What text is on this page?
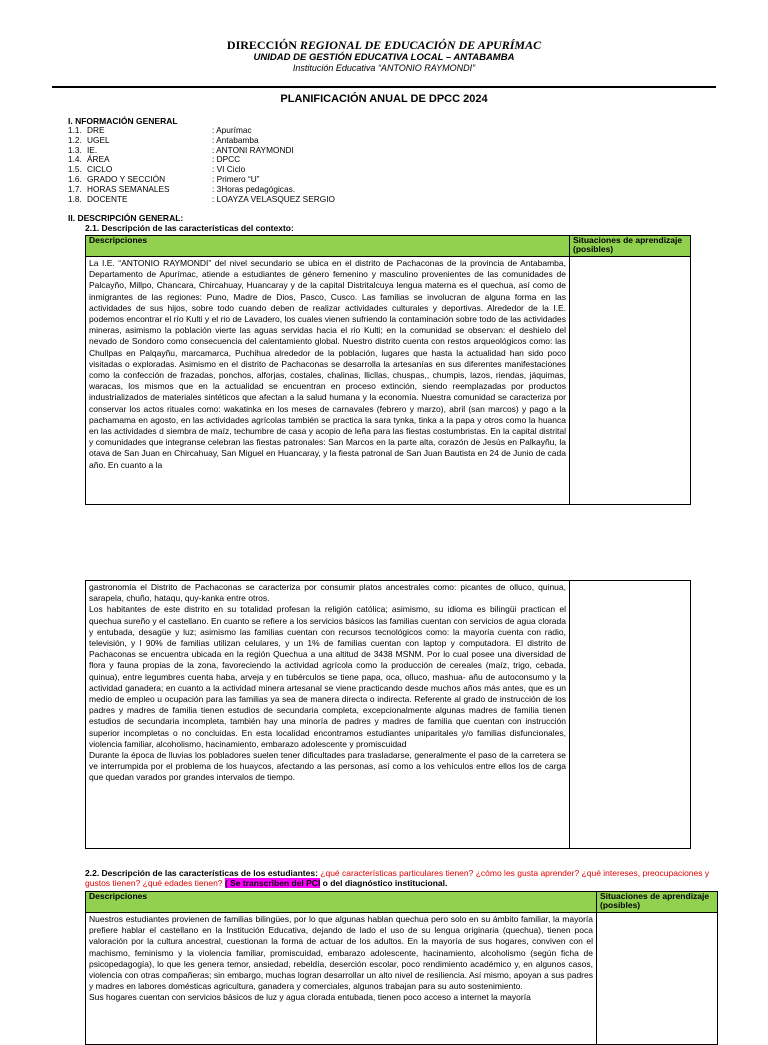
DIRECCIÓN REGIONAL DE EDUCACIÓN DE APURÍMAC
UNIDAD DE GESTIÓN EDUCATIVA LOCAL – ANTABAMBA
Institución Educativa “ANTONIO RAYMONDI”
PLANIFICACIÓN ANUAL DE DPCC 2024
I. NFORMACIÓN GENERAL
1.1. DRE	: Apurímac
1.2. UGEL	: Antabamba
1.3. IE.	: ANTONI RAYMONDI
1.4. ÁREA	: DPCC
1.5. CICLO	: VI Ciclo
1.6. GRADO Y SECCIÓN	: Primero “U”
1.7. HORAS SEMANALES	: 3Horas pedagógicas.
1.8. DOCENTE	: LOAYZA VELASQUEZ SERGIO
II. DESCRIPCIÓN GENERAL:
2.1. Descripción de las características del contexto:
Descripciones	Situaciones de aprendizaje (posibles)
La I.E. “ANTONIO RAYMONDI” del nivel secundario se ubica en el distrito de Pachaconas de la provincia de Antabamba, Departamento de Apurímac, atiende a estudiantes de género femenino y masculino provenientes de las comunidades de Palcayño, Millpo, Chancara, Chircahuay, Huancaray y de la capital Distritalcuya lengua materna es el quechua, así como de inmigrantes de las regiones: Puno, Madre de Dios, Pasco, Cusco. Las familias se involucran de alguna forma en las actividades de sus hijos, sobre todo cuando deben de realizar actividades culturales y deportivas. Alrededor de la I.E. podemos encontrar el río Kulti y el rio de Lavadero, los cuales vienen sufriendo la contaminación sobre todo de las actividades mineras, asimismo la población vierte las aguas servidas hacia el rio Kulti; en la comunidad se observan: el deshielo del nevado de Sondoro como consecuencia del calentamiento global. Nuestro distrito cuenta con restos arqueológicos como: las Chullpas en Palqayñu, marcamarca, Puchihua alrededor de la población, lugares que hasta la actualidad han sido poco visitadas o exploradas. Asimismo en el distrito de Pachaconas se desarrolla la artesanías en sus diferentes manifestaciones como la confección de frazadas, ponchos, alforjas, costales, chalinas, llicllas, chuspas,, chumpis, lazos, riendas, jáquimas, waracas, los mismos que en la actualidad se encuentran en proceso extinción, siendo reemplazadas por productos industrializados de materiales sintéticos que afectan a la salud humana y la economía. Nuestra comunidad se caracteriza por conservar los actos rituales como: wakatinka en los meses de carnavales (febrero y marzo), abril (san marcos) y pago a la pachamama en agosto, en las actividades agrícolas también se practica la sara tynka, tinka a la papa y otros como la huanca en las actividades d siembra de maíz, techumbre de casa y acopio de leña para las fiestas costumbristas. En la capital distrital y comunidades que integranse celebran las fiestas patronales: San Marcos en la parte alta, corazón de Jesús en Palkayñu, la otava de San Juan en Chircahuay, San Miguel en Huancaray, y la fiesta patronal de San Juan Bautista en 24 de Junio de cada año. En cuanto a la	
gastronomía el Distrito de Pachaconas se caracteriza por consumir platos ancestrales como: picantes de olluco, quinua, sarapela, chuño, hataqu, quy-kanka entre otros.
Los habitantes de este distrito en su totalidad profesan la religión católica; asimismo, su idioma es bilingüi practican el quechua sureño y el castellano. En cuanto se refiere a los servicios básicos las familias cuentan con servicios de agua clorada y entubada, desagüe y luz; asimismo las familias cuentan con recursos tecnológicos como: la mayoría cuenta con radio, televisión, y l 90% de familias utilizan celulares, y un 1% de familias cuentan con laptop y computadora. El distrito de Pachaconas se encuentra ubicada en la región Quechua a una altitud de 3438 MSNM. Por lo cual posee una diversidad de flora y fauna propias de la zona, favoreciendo la actividad agrícola como la producción de cereales (maíz, trigo, cebada, quinua), entre legumbres cuenta haba, arveja y en tubérculos se tiene papa, oca, olluco, mashua- añu de autoconsumo y la actividad ganadera; en cuanto a la actividad minera artesanal se viene practicando desde muchos años más antes, que es un medio de empleo u ocupación para las familias ya sea de manera directa o indirecta. Referente al grado de instrucción de los padres y madres de familia tienen estudios de secundaria completa, excepcionalmente algunas madres de familia tienen estudios de secundaria incompleta, también hay una minoría de padres y madres de familia que cuentan con instrucción superior incompletas o no concluidas. En esta localidad encontramos estudiantes uniparitales y/o familias disfuncionales, violencia familiar, alcoholismo, hacinamiento, embarazo adolescente y promiscuidad
Durante la época de lluvias los pobladores suelen tener dificultades para trasladarse, generalmente el paso de la carretera se ve interrumpida por el problema de los huaycos, afectando a las personas, así como a los vehículos entre ellos los de carga que quedan varados por grandes intervalos de tiempo.

2.2. Descripción de las características de los estudiantes: ¿qué características particulares tienen? ¿cómo les gusta aprender? ¿qué intereses, preocupaciones y gustos tienen? ¿qué edades tienen? ( Se transcriben del PCI o del diagnóstico institucional.
Descripciones	Situaciones de aprendizaje (posibles)

Nuestros estudiantes provienen de familias bilingües, por lo que algunas hablan quechua pero solo en su ámbito familiar, la mayoría prefiere hablar el castellano en la Institución Educativa, dejando de lado el uso de su lengua originaria (quechua), tienen poca valoración por la cultura ancestral, cuestionan la forma de actuar de los adultos. En la mayoría de sus hogares, conviven con el machismo, feminismo y la violencia familiar, promiscuidad, embarazo adolescente, hacinamiento, alcoholismo (según ficha de psicopedagogía), lo que les genera temor, ansiedad, rebeldía, deserción escolar, poco rendimiento académico y, en algunos casos, violencia con otras compañeras; sin embargo, muchas logran desarrollar un alto nivel de resiliencia. Así mismo, apoyan a sus padres y madres en labores domésticas agricultura, ganadera y comerciales, algunos trabajan para su auto sostenimiento.
Sus hogares cuentan con servicios básicos de luz y agua clorada entubada, tienen poco acceso a internet la mayoría	
